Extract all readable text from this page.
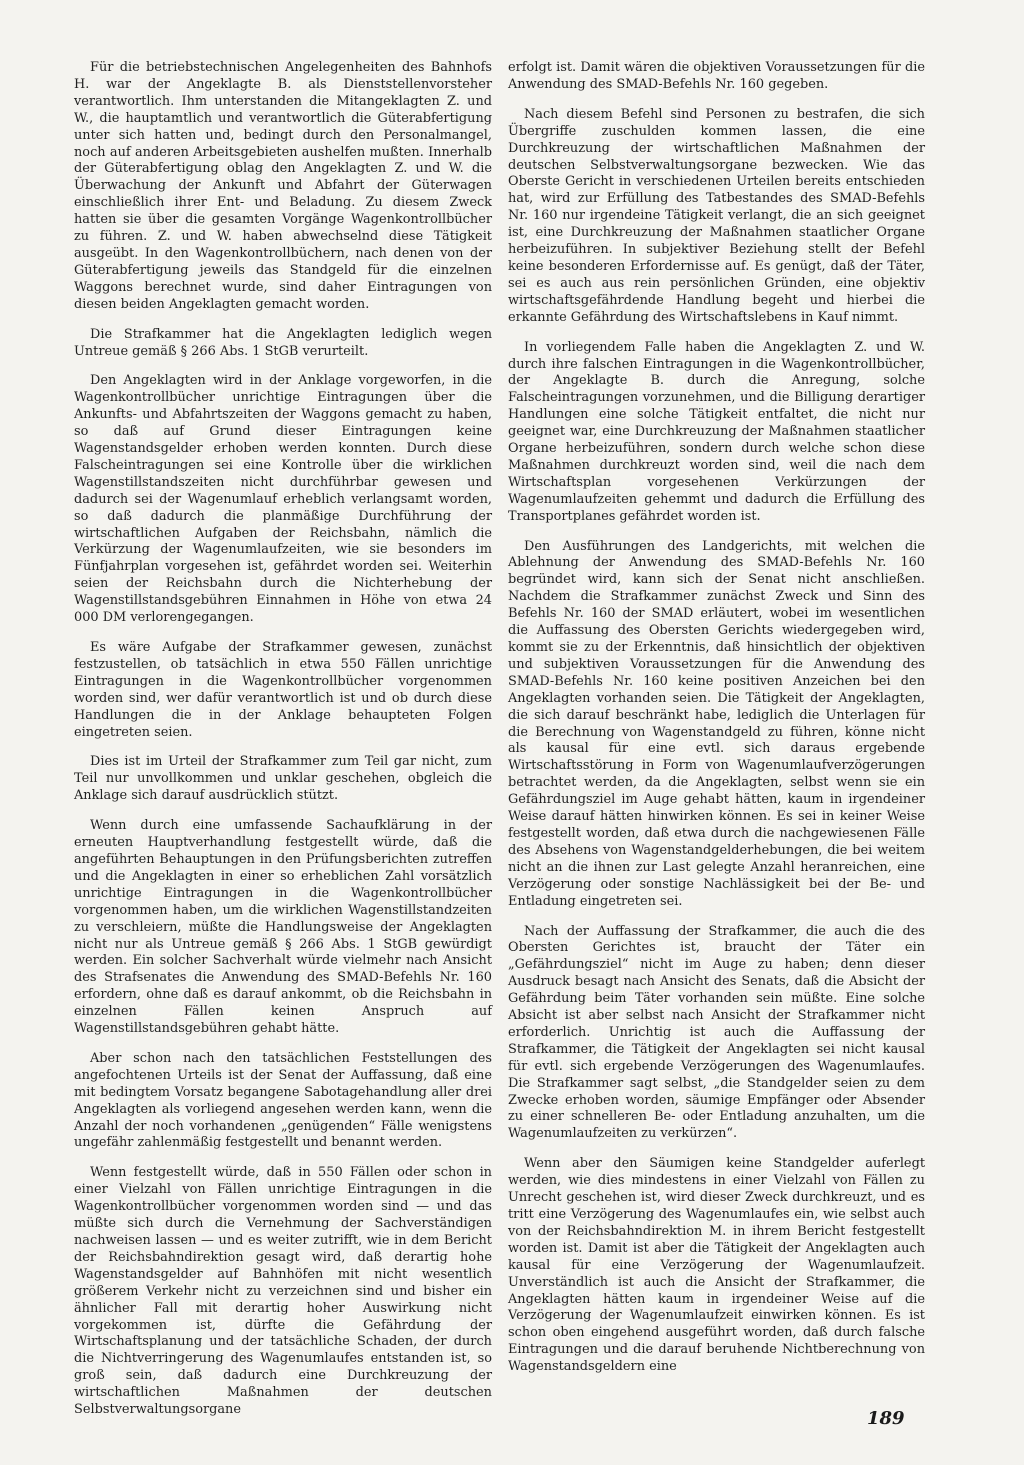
Für die betriebstechnischen Angelegenheiten des Bahnhofs H. war der Angeklagte B. als Dienststellenvorsteher verantwortlich. Ihm unterstanden die Mitangeklagten Z. und W., die hauptamtlich und verantwortlich die Güterabfertigung unter sich hatten und, bedingt durch den Personalmangel, noch auf anderen Arbeitsgebieten aushelfen mußten. Innerhalb der Güterabfertigung oblag den Angeklagten Z. und W. die Überwachung der Ankunft und Abfahrt der Güterwagen einschließlich ihrer Ent- und Beladung. Zu diesem Zweck hatten sie über die gesamten Vorgänge Wagenkontrollbücher zu führen. Z. und W. haben abwechselnd diese Tätigkeit ausgeübt. In den Wagenkontrollbüchern, nach denen von der Güterabfertigung jeweils das Standgeld für die einzelnen Waggons berechnet wurde, sind daher Eintragungen von diesen beiden Angeklagten gemacht worden.

Die Strafkammer hat die Angeklagten lediglich wegen Untreue gemäß § 266 Abs. 1 StGB verurteilt.

Den Angeklagten wird in der Anklage vorgeworfen, in die Wagenkontrollbücher unrichtige Eintragungen über die Ankunfts- und Abfahrtszeiten der Waggons gemacht zu haben, so daß auf Grund dieser Eintragungen keine Wagenstandsgelder erhoben werden konnten. Durch diese Falscheintragungen sei eine Kontrolle über die wirklichen Wagenstillstandszeiten nicht durchführbar gewesen und dadurch sei der Wagenumlauf erheblich verlangsamt worden, so daß dadurch die planmäßige Durchführung der wirtschaftlichen Aufgaben der Reichsbahn, nämlich die Verkürzung der Wagenumlaufzeiten, wie sie besonders im Fünfjahrplan vorgesehen ist, gefährdet worden sei. Weiterhin seien der Reichsbahn durch die Nichterhebung der Wagenstillstandsgebühren Einnahmen in Höhe von etwa 24 000 DM verlorengegangen.

Es wäre Aufgabe der Strafkammer gewesen, zunächst festzustellen, ob tatsächlich in etwa 550 Fällen unrichtige Eintragungen in die Wagenkontrollbücher vorgenommen worden sind, wer dafür verantwortlich ist und ob durch diese Handlungen die in der Anklage behaupteten Folgen eingetreten seien.

Dies ist im Urteil der Strafkammer zum Teil gar nicht, zum Teil nur unvollkommen und unklar geschehen, obgleich die Anklage sich darauf ausdrücklich stützt.

Wenn durch eine umfassende Sachaufklärung in der erneuten Hauptverhandlung festgestellt würde, daß die angeführten Behauptungen in den Prüfungsberichten zutreffen und die Angeklagten in einer so erheblichen Zahl vorsätzlich unrichtige Eintragungen in die Wagenkontrollbücher vorgenommen haben, um die wirklichen Wagenstillstandzeiten zu verschleiern, müßte die Handlungsweise der Angeklagten nicht nur als Untreue gemäß § 266 Abs. 1 StGB gewürdigt werden. Ein solcher Sachverhalt würde vielmehr nach Ansicht des Strafsenates die Anwendung des SMAD-Befehls Nr. 160 erfordern, ohne daß es darauf ankommt, ob die Reichsbahn in einzelnen Fällen keinen Anspruch auf Wagenstillstandsgebühren gehabt hätte.

Aber schon nach den tatsächlichen Feststellungen des angefochtenen Urteils ist der Senat der Auffassung, daß eine mit bedingtem Vorsatz begangene Sabotagehandlung aller drei Angeklagten als vorliegend angesehen werden kann, wenn die Anzahl der noch vorhandenen „genügenden“ Fälle wenigstens ungefähr zahlenmäßig festgestellt und benannt werden.

Wenn festgestellt würde, daß in 550 Fällen oder schon in einer Vielzahl von Fällen unrichtige Eintragungen in die Wagenkontrollbücher vorgenommen worden sind — und das müßte sich durch die Vernehmung der Sachverständigen nachweisen lassen — und es weiter zutrifft, wie in dem Bericht der Reichsbahndirektion gesagt wird, daß derartig hohe Wagenstandsgelder auf Bahnhöfen mit nicht wesentlich größerem Verkehr nicht zu verzeichnen sind und bisher ein ähnlicher Fall mit derartig hoher Auswirkung nicht vorgekommen ist, dürfte die Gefährdung der Wirtschaftsplanung und der tatsächliche Schaden, der durch die Nichtverringerung des Wagenumlaufes entstanden ist, so groß sein, daß dadurch eine Durchkreuzung der wirtschaftlichen Maßnahmen der deutschen Selbstverwaltungsorgane

erfolgt ist. Damit wären die objektiven Voraussetzungen für die Anwendung des SMAD-Befehls Nr. 160 gegeben.

Nach diesem Befehl sind Personen zu bestrafen, die sich Übergriffe zuschulden kommen lassen, die eine Durchkreuzung der wirtschaftlichen Maßnahmen der deutschen Selbstverwaltungsorgane bezwecken. Wie das Oberste Gericht in verschiedenen Urteilen bereits entschieden hat, wird zur Erfüllung des Tatbestandes des SMAD-Befehls Nr. 160 nur irgendeine Tätigkeit verlangt, die an sich geeignet ist, eine Durchkreuzung der Maßnahmen staatlicher Organe herbeizuführen. In subjektiver Beziehung stellt der Befehl keine besonderen Erfordernisse auf. Es genügt, daß der Täter, sei es auch aus rein persönlichen Gründen, eine objektiv wirtschaftsgefährdende Handlung begeht und hierbei die erkannte Gefährdung des Wirtschaftslebens in Kauf nimmt.

In vorliegendem Falle haben die Angeklagten Z. und W. durch ihre falschen Eintragungen in die Wagenkontrollbücher, der Angeklagte B. durch die Anregung, solche Falscheintragungen vorzunehmen, und die Billigung derartiger Handlungen eine solche Tätigkeit entfaltet, die nicht nur geeignet war, eine Durchkreuzung der Maßnahmen staatlicher Organe herbeizuführen, sondern durch welche schon diese Maßnahmen durchkreuzt worden sind, weil die nach dem Wirtschaftsplan vorgesehenen Verkürzungen der Wagenumlaufzeiten gehemmt und dadurch die Erfüllung des Transportplanes gefährdet worden ist.

Den Ausführungen des Landgerichts, mit welchen die Ablehnung der Anwendung des SMAD-Befehls Nr. 160 begründet wird, kann sich der Senat nicht anschließen. Nachdem die Strafkammer zunächst Zweck und Sinn des Befehls Nr. 160 der SMAD erläutert, wobei im wesentlichen die Auffassung des Obersten Gerichts wiedergegeben wird, kommt sie zu der Erkenntnis, daß hinsichtlich der objektiven und subjektiven Voraussetzungen für die Anwendung des SMAD-Befehls Nr. 160 keine positiven Anzeichen bei den Angeklagten vorhanden seien. Die Tätigkeit der Angeklagten, die sich darauf beschränkt habe, lediglich die Unterlagen für die Berechnung von Wagenstandgeld zu führen, könne nicht als kausal für eine evtl. sich daraus ergebende Wirtschaftsstörung in Form von Wagenumlaufverzögerungen betrachtet werden, da die Angeklagten, selbst wenn sie ein Gefährdungsziel im Auge gehabt hätten, kaum in irgendeiner Weise darauf hätten hinwirken können. Es sei in keiner Weise festgestellt worden, daß etwa durch die nachgewiesenen Fälle des Absehens von Wagenstandgelderhebungen, die bei weitem nicht an die ihnen zur Last gelegte Anzahl heranreichen, eine Verzögerung oder sonstige Nachlässigkeit bei der Be- und Entladung eingetreten sei.

Nach der Auffassung der Strafkammer, die auch die des Obersten Gerichtes ist, braucht der Täter ein „Gefährdungsziel“ nicht im Auge zu haben; denn dieser Ausdruck besagt nach Ansicht des Senats, daß die Absicht der Gefährdung beim Täter vorhanden sein müßte. Eine solche Absicht ist aber selbst nach Ansicht der Strafkammer nicht erforderlich. Unrichtig ist auch die Auffassung der Strafkammer, die Tätigkeit der Angeklagten sei nicht kausal für evtl. sich ergebende Verzögerungen des Wagenumlaufes. Die Strafkammer sagt selbst, „die Standgelder seien zu dem Zwecke erhoben worden, säumige Empfänger oder Absender zu einer schnelleren Be- oder Entladung anzuhalten, um die Wagenumlaufzeiten zu verkürzen“.

Wenn aber den Säumigen keine Standgelder auferlegt werden, wie dies mindestens in einer Vielzahl von Fällen zu Unrecht geschehen ist, wird dieser Zweck durchkreuzt, und es tritt eine Verzögerung des Wagenumlaufes ein, wie selbst auch von der Reichsbahndirektion M. in ihrem Bericht festgestellt worden ist. Damit ist aber die Tätigkeit der Angeklagten auch kausal für eine Verzögerung der Wagenumlaufzeit. Unverständlich ist auch die Ansicht der Strafkammer, die Angeklagten hätten kaum in irgendeiner Weise auf die Verzögerung der Wagenumlaufzeit einwirken können. Es ist schon oben eingehend ausgeführt worden, daß durch falsche Eintragungen und die darauf beruhende Nichtberechnung von Wagenstandsgeldern eine

189
